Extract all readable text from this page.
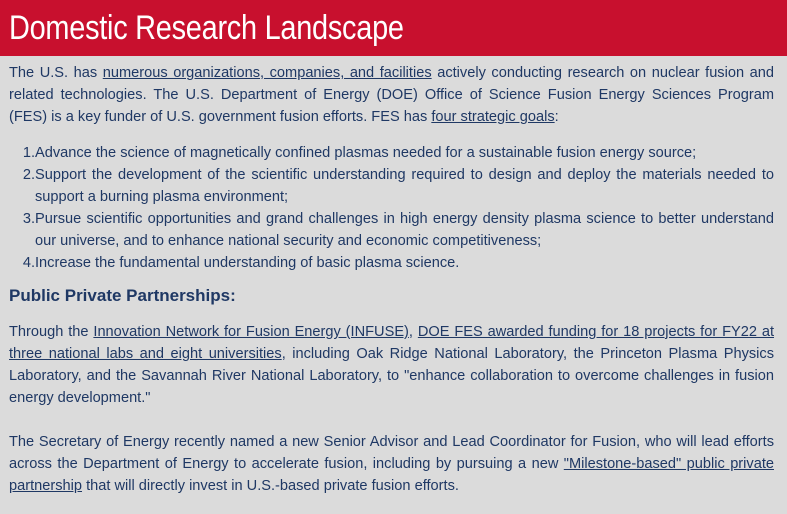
Domestic Research Landscape

The U.S. has numerous organizations, companies, and facilities actively conducting research on nuclear fusion and related technologies. The U.S. Department of Energy (DOE) Office of Science Fusion Energy Sciences Program (FES) is a key funder of U.S. government fusion efforts. FES has four strategic goals:

1. Advance the science of magnetically confined plasmas needed for a sustainable fusion energy source;
2. Support the development of the scientific understanding required to design and deploy the materials needed to support a burning plasma environment;
3. Pursue scientific opportunities and grand challenges in high energy density plasma science to better understand our universe, and to enhance national security and economic competitiveness;
4. Increase the fundamental understanding of basic plasma science.
Public Private Partnerships:

Through the Innovation Network for Fusion Energy (INFUSE), DOE FES awarded funding for 18 projects for FY22 at three national labs and eight universities, including Oak Ridge National Laboratory, the Princeton Plasma Physics Laboratory, and the Savannah River National Laboratory, to "enhance collaboration to overcome challenges in fusion energy development."

The Secretary of Energy recently named a new Senior Advisor and Lead Coordinator for Fusion, who will lead efforts across the Department of Energy to accelerate fusion, including by pursuing a new "Milestone-based" public private partnership that will directly invest in U.S.-based private fusion efforts.
